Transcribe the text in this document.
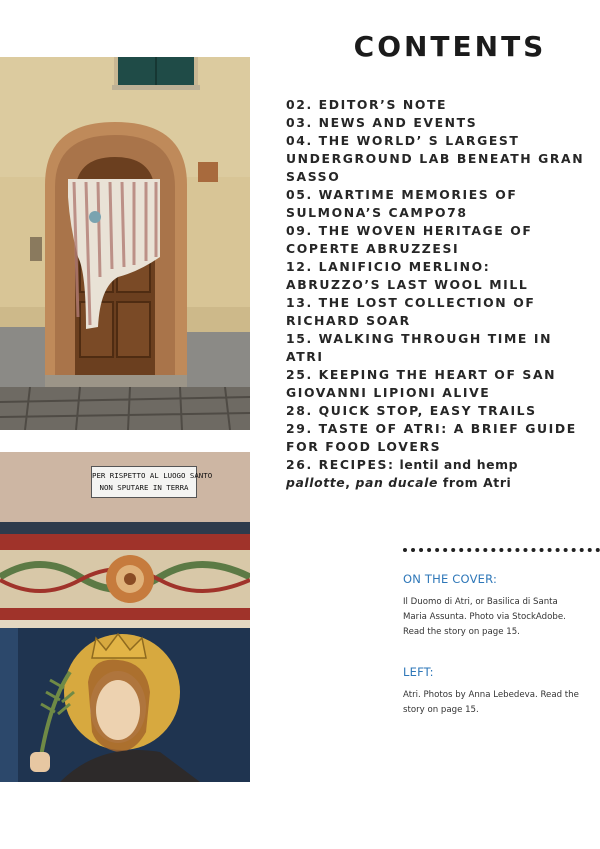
PER RISPETTO AL LUOGO SANTO
NON SPUTARE IN TERRA
CONTENTS
02. EDITOR’S NOTE
03. NEWS AND EVENTS
04. THE WORLD’ S LARGEST UNDERGROUND LAB BENEATH GRAN SASSO
05. WARTIME MEMORIES OF SULMONA’S CAMPO78
09. THE WOVEN HERITAGE OF COPERTE ABRUZZESI
12. LANIFICIO MERLINO: ABRUZZO’S LAST WOOL MILL
13. THE LOST COLLECTION OF RICHARD SOAR
15. WALKING THROUGH TIME IN ATRI
25. KEEPING THE HEART OF SAN GIOVANNI LIPIONI ALIVE
28. QUICK STOP, EASY TRAILS
29. TASTE OF ATRI: A BRIEF GUIDE FOR FOOD LOVERS
26. RECIPES: lentil and hemp pallotte, pan ducale from Atri

ON THE COVER:

Il Duomo di Atri, or Basilica di Santa Maria Assunta. Photo via StockAdobe. Read the story on page 15.

LEFT:

Atri. Photos by Anna Lebedeva. Read the story on page 15.
